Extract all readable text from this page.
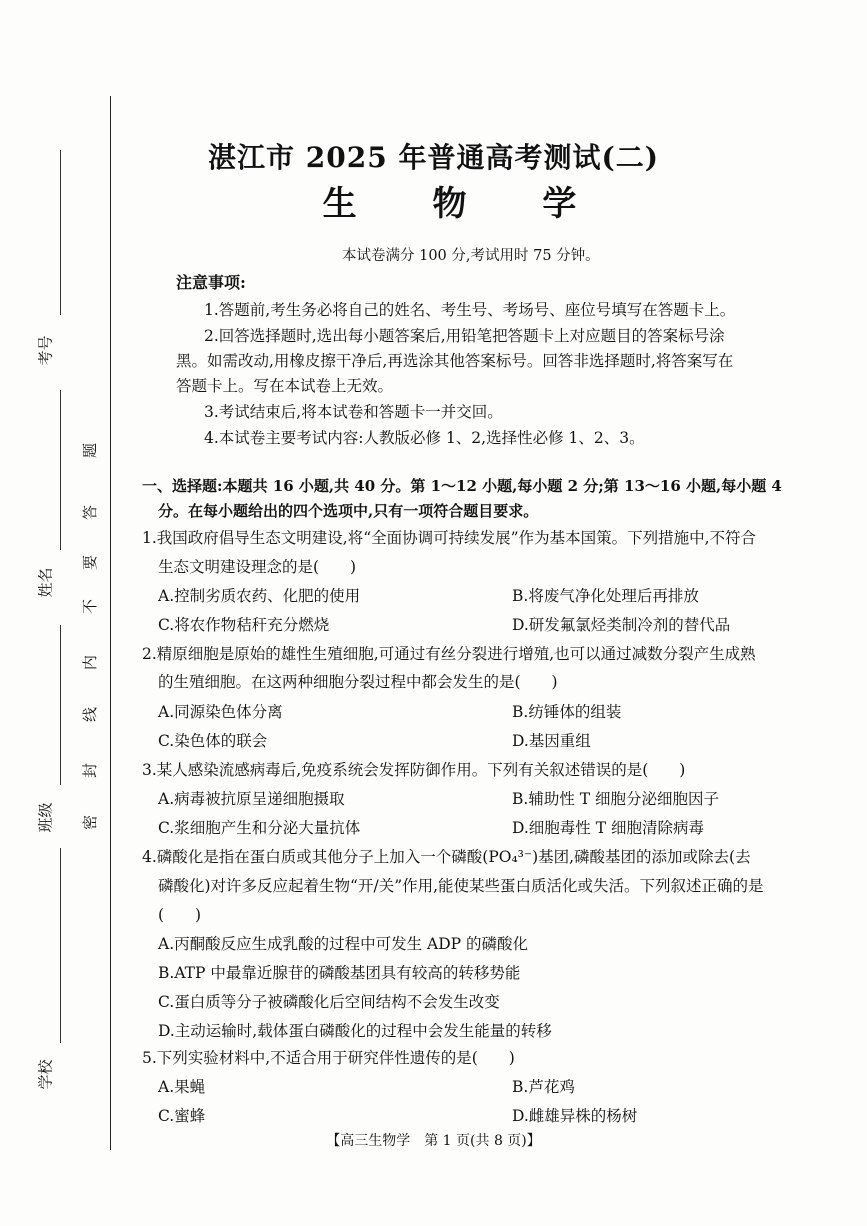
考号
姓名
班级
学校
题
答
要
不
内
线
封
密
湛江市 2025 年普通高考测试(二)
生 物 学
本试卷满分 100 分,考试用时 75 分钟。
注意事项:
1.答题前,考生务必将自己的姓名、考生号、考场号、座位号填写在答题卡上。
2.回答选择题时,选出每小题答案后,用铅笔把答题卡上对应题目的答案标号涂
黑。如需改动,用橡皮擦干净后,再选涂其他答案标号。回答非选择题时,将答案写在
答题卡上。写在本试卷上无效。
3.考试结束后,将本试卷和答题卡一并交回。
4.本试卷主要考试内容:人教版必修 1、2,选择性必修 1、2、3。
一、选择题:本题共 16 小题,共 40 分。第 1～12 小题,每小题 2 分;第 13～16 小题,每小题 4
分。在每小题给出的四个选项中,只有一项符合题目要求。
1.我国政府倡导生态文明建设,将“全面协调可持续发展”作为基本国策。下列措施中,不符合
生态文明建设理念的是(　　)
A.控制劣质农药、化肥的使用	B.将废气净化处理后再排放
C.将农作物秸秆充分燃烧	D.研发氟氯烃类制冷剂的替代品
2.精原细胞是原始的雄性生殖细胞,可通过有丝分裂进行增殖,也可以通过减数分裂产生成熟
的生殖细胞。在这两种细胞分裂过程中都会发生的是(　　)
A.同源染色体分离	B.纺锤体的组装
C.染色体的联会	D.基因重组
3.某人感染流感病毒后,免疫系统会发挥防御作用。下列有关叙述错误的是(　　)
A.病毒被抗原呈递细胞摄取	B.辅助性 T 细胞分泌细胞因子
C.浆细胞产生和分泌大量抗体	D.细胞毒性 T 细胞清除病毒
4.磷酸化是指在蛋白质或其他分子上加入一个磷酸(PO₄³⁻)基团,磷酸基团的添加或除去(去
磷酸化)对许多反应起着生物“开/关”作用,能使某些蛋白质活化或失活。下列叙述正确的是
(　　)
A.丙酮酸反应生成乳酸的过程中可发生 ADP 的磷酸化
B.ATP 中最靠近腺苷的磷酸基团具有较高的转移势能
C.蛋白质等分子被磷酸化后空间结构不会发生改变
D.主动运输时,载体蛋白磷酸化的过程中会发生能量的转移
5.下列实验材料中,不适合用于研究伴性遗传的是(　　)
A.果蝇	B.芦花鸡
C.蜜蜂	D.雌雄异株的杨树
【高三生物学　第 1 页(共 8 页)】
